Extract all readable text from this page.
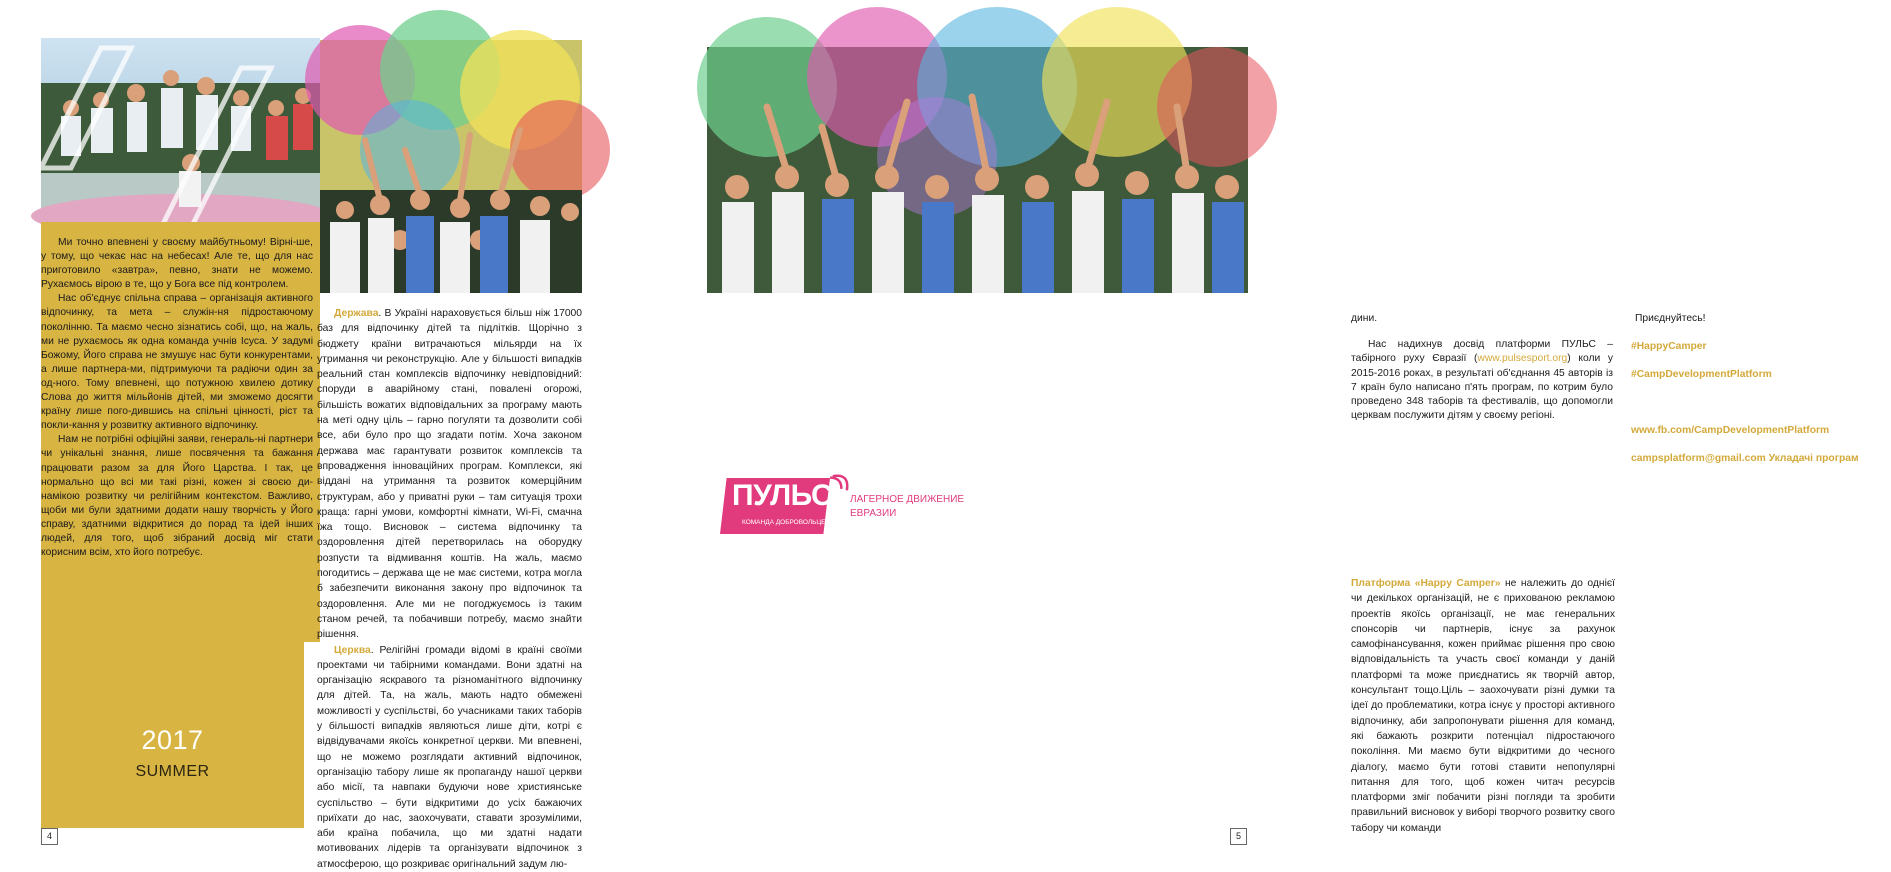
Ми точно впевнені у своєму майбутньому! Вірні-ше, у тому, що чекає нас на небесах! Але те, що для нас приготовило «завтра», певно, знати не можемо. Рухаємось вірою в те, що у Бога все під контролем.

Нас об'єднує спільна справа – організація активного відпочинку, та мета – служін-ня підростаючому поколінню. Та маємо чесно зізнатись собі, що, на жаль, ми не рухаємось як одна команда учнів Ісуса. У задумі Божому, Його справа не змушує нас бути конкурентами, а лише партнера-ми, підтримуючи та радіючи один за од-ного. Тому впевнені, що потужною хвилею дотику Слова до життя мільйонів дітей, ми зможемо досягти країну лише пого-дившись на спільні цінності, ріст та покли-кання у розвитку активного відпочинку.

Нам не потрібні офіційні заяви, генераль-ні партнери чи унікальні знання, лише посвячення та бажання працювати разом за для Його Царства. І так, це нормально що всі ми такі різні, кожен зі своєю ди-намікою розвитку чи релігійним контекстом. Важливо, щоби ми були здатними додати нашу творчість у Його справу, здатними відкритися до порад та ідей інших людей, для того, щоб зібраний досвід міг стати корисним всім, хто його потребує.

2017
SUMMER
4

Держава. В Україні нараховується більш ніж 17000 баз для відпочинку дітей та підлітків. Щорічно з бюджету країни витрачаються мільярди на їх утримання чи реконструкцію. Але у більшості випадків реальний стан комплексів відпочинку невідповідний: споруди в аварійному стані, повалені огорожі, більшість вожатих відповідальних за програму мають на меті одну ціль – гарно погуляти та дозволити собі все, аби було про що згадати потім. Хоча законом держава має гарантувати розвиток комплексів та впровадження інноваційних програм. Комплекси, які віддані на утримання та розвиток комерційним структурам, або у приватні руки – там ситуація трохи краща: гарні умови, комфортні кімнати, Wi-Fi, смачна їжа тощо. Висновок – система відпочинку та оздоровлення дітей перетворилась на оборудку розпусти та відмивання коштів. На жаль, маємо погодитись – держава ще не має системи, котра могла б забезпечити виконання закону про відпочинок та оздоровлення. Але ми не погоджуємось із таким станом речей, та побачивши потребу, маємо знайти рішення.

Церква. Релігійні громади відомі в країні своїми проектами чи табірними командами. Вони здатні на організацію яскравого та різноманітного відпочинку для дітей. Та, на жаль, мають надто обмежені можливості у суспільстві, бо учасниками таких таборів у більшості випадків являються лише діти, котрі є відвідувачами якоїсь конкретної церкви. Ми впевнені, що не можемо розглядати активний відпочинок, організацію табору лише як пропаганду нашої церкви або місії, та навпаки будуючи нове християнське суспільство – бути відкритими до усіх бажаючих приїхати до нас, заохочувати, ставати зрозумілими, аби країна побачила, що ми здатні надати мотивованих лідерів та організувати відпочинок з атмосферою, що розкриває оригінальний задум лю-

дини.

Нас надихнув досвід платформи ПУЛЬС – табірного руху Євразії (www.pulsesport.org) коли у 2015-2016 роках, в результаті об'єднання 45 авторів із 7 країн було написано п'ять програм, по котрим було проведено 348 таборів та фестивалів, що допомогли церквам послужити дітям у своєму регіоні.

Приєднуйтесь!
#HappyCamper
#CampDevelopmentPlatform
www.fb.com/CampDevelopmentPlatform
campsplatform@gmail.com Укладачі програм
ПУЛЬС
КОМАНДА ДОБРОВОЛЬЦЕВ
ЛАГЕРНОЕ ДВИЖЕНИЕ
ЕВРАЗИИ
Платформа «Happy Camper» не належить до однієї чи декількох організацій, не є прихованою рекламою проектів якоїсь організації, не має генеральних спонсорів чи партнерів, існує за рахунок самофінансування, кожен приймає рішення про свою відповідальність та участь своєї команди у даній платформі та може приєднатись як творчій автор, консультант тощо.Ціль – заохочувати різні думки та ідеї до проблематики, котра існує у просторі активного відпочинку, аби запропонувати рішення для команд, які бажають розкрити потенціал підростаючого покоління. Ми маємо бути відкритими до чесного діалогу, маємо бути готові ставити непопулярні питання для того, щоб кожен читач ресурсів платформи зміг побачити різні погляди та зробити правильний висновок у виборі творчого розвитку свого табору чи команди
5
